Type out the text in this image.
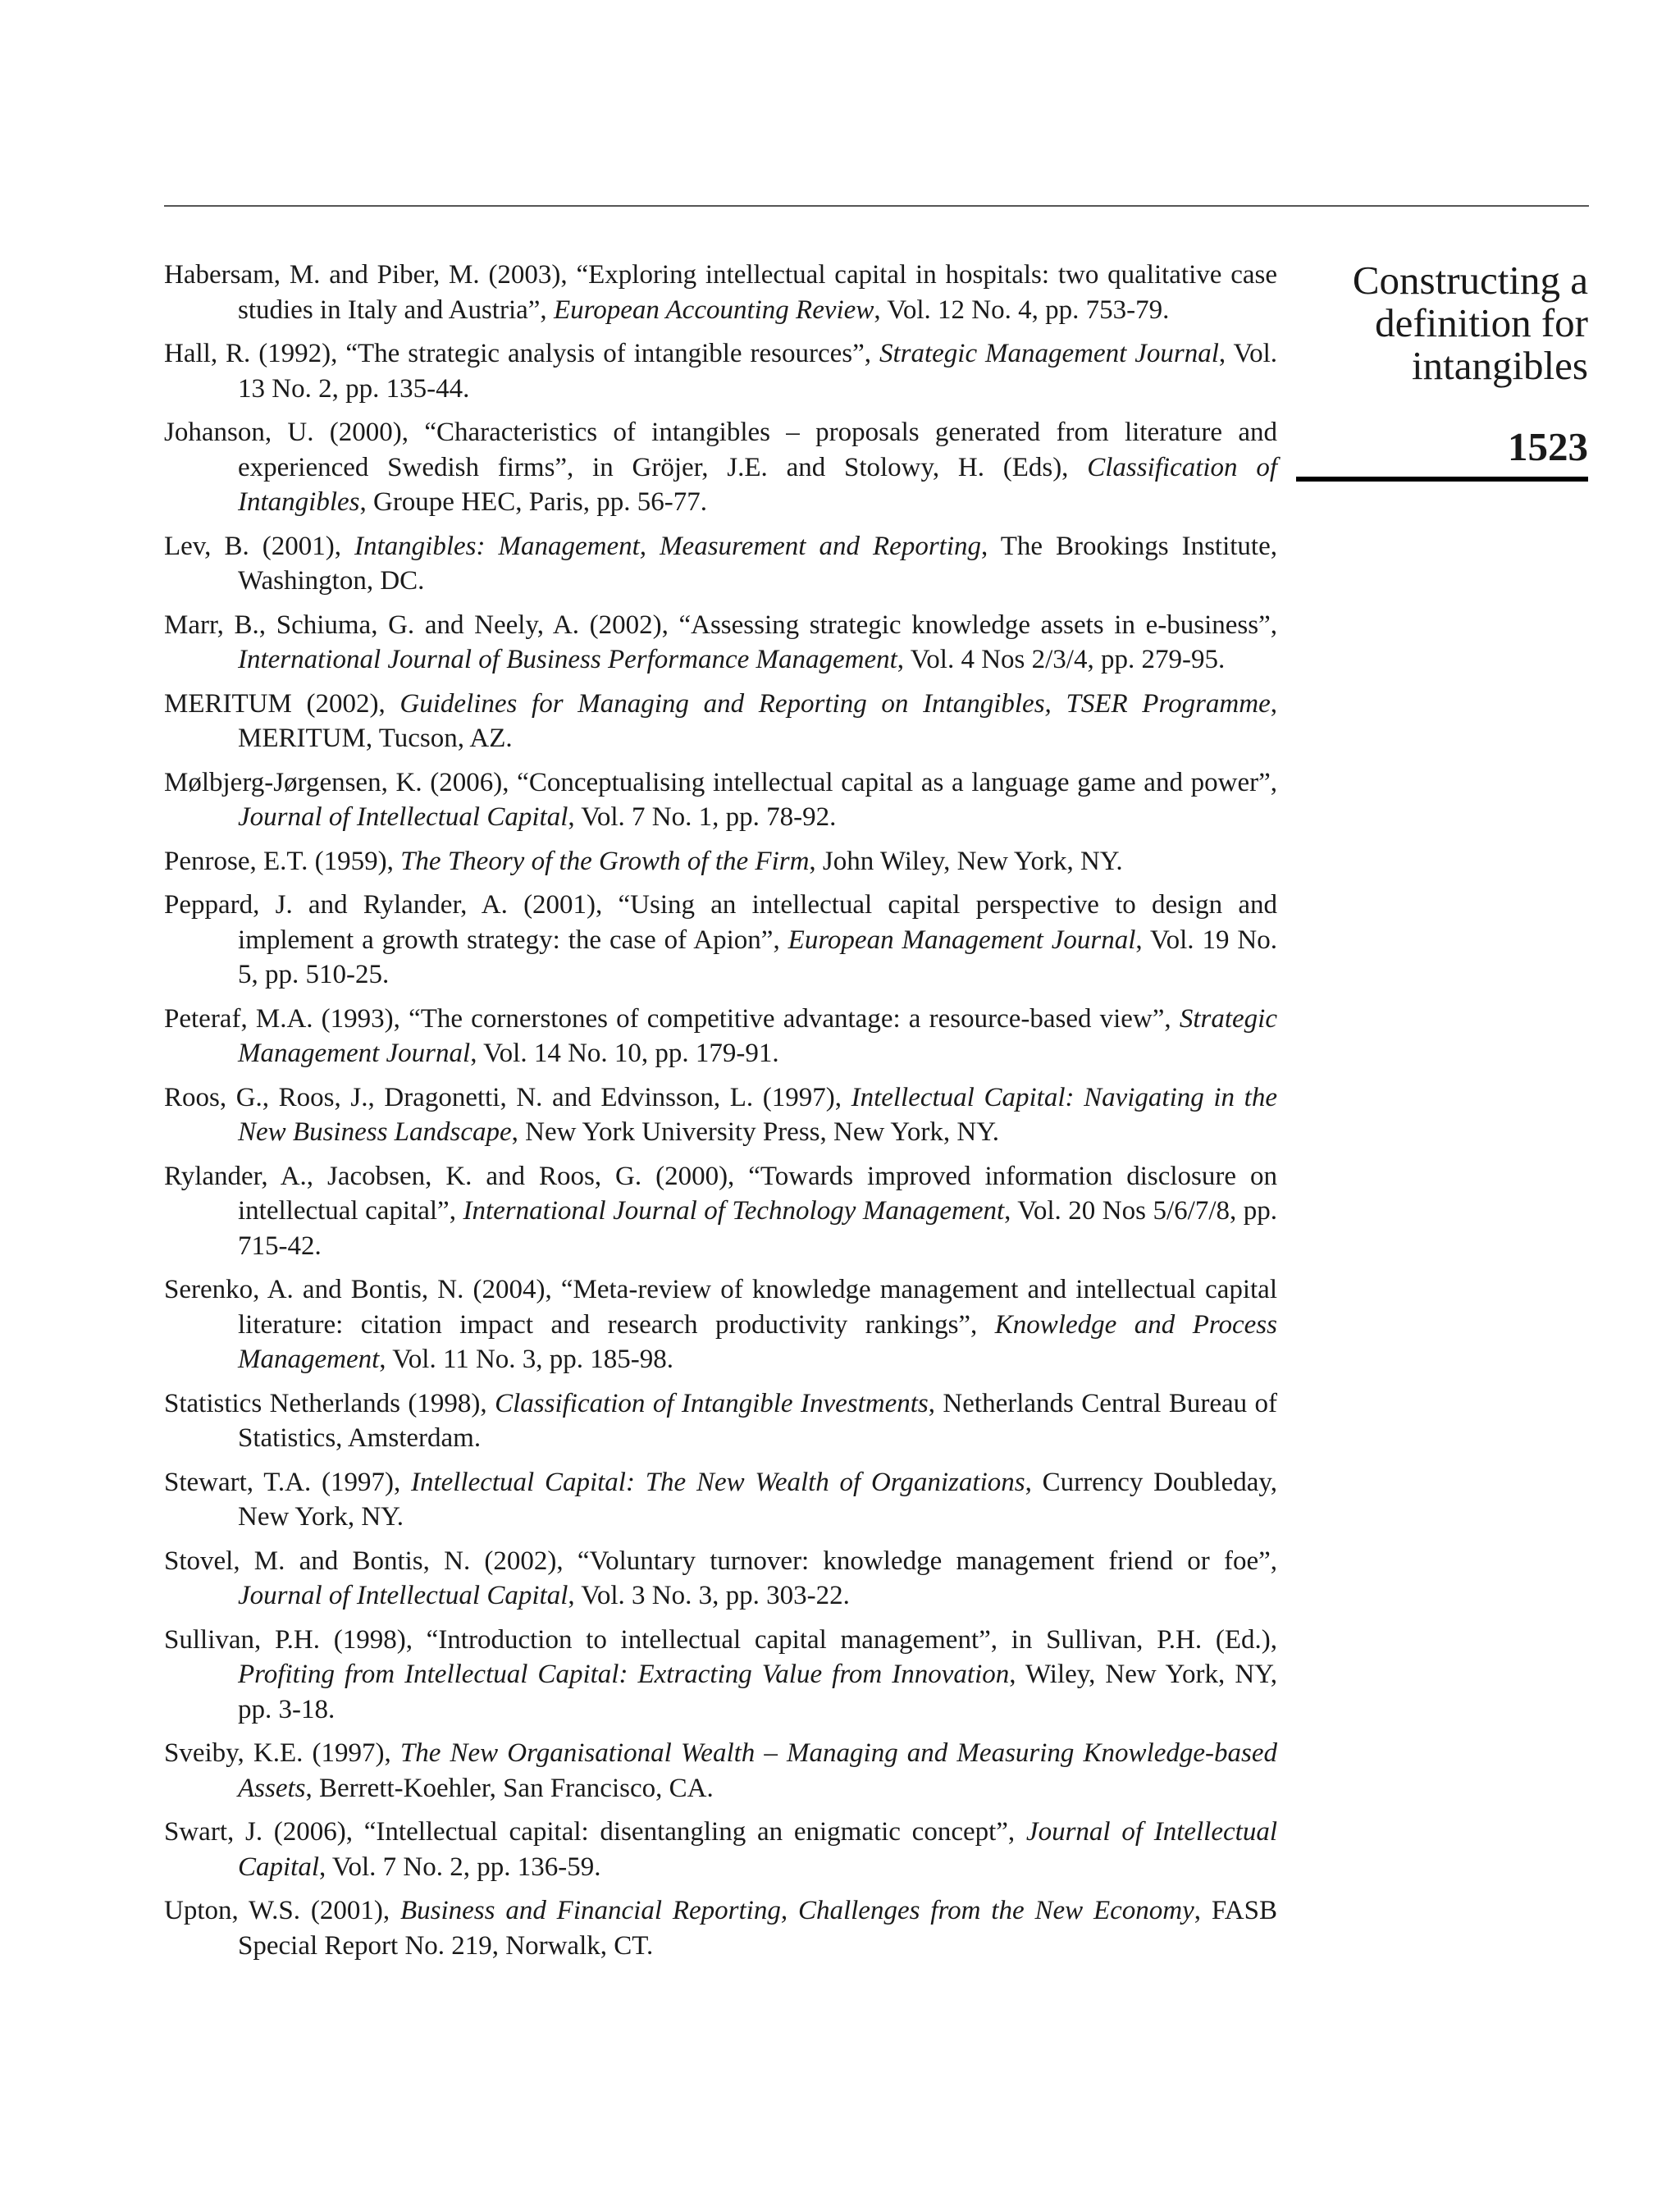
Habersam, M. and Piber, M. (2003), “Exploring intellectual capital in hospitals: two qualitative case studies in Italy and Austria”, European Accounting Review, Vol. 12 No. 4, pp. 753-79.

Hall, R. (1992), “The strategic analysis of intangible resources”, Strategic Management Journal, Vol. 13 No. 2, pp. 135-44.

Johanson, U. (2000), “Characteristics of intangibles – proposals generated from literature and experienced Swedish firms”, in Gröjer, J.E. and Stolowy, H. (Eds), Classification of Intangibles, Groupe HEC, Paris, pp. 56-77.

Lev, B. (2001), Intangibles: Management, Measurement and Reporting, The Brookings Institute, Washington, DC.

Marr, B., Schiuma, G. and Neely, A. (2002), “Assessing strategic knowledge assets in e-business”, International Journal of Business Performance Management, Vol. 4 Nos 2/3/4, pp. 279-95.

MERITUM (2002), Guidelines for Managing and Reporting on Intangibles, TSER Programme, MERITUM, Tucson, AZ.

Mølbjerg-Jørgensen, K. (2006), “Conceptualising intellectual capital as a language game and power”, Journal of Intellectual Capital, Vol. 7 No. 1, pp. 78-92.

Penrose, E.T. (1959), The Theory of the Growth of the Firm, John Wiley, New York, NY.

Peppard, J. and Rylander, A. (2001), “Using an intellectual capital perspective to design and implement a growth strategy: the case of Apion”, European Management Journal, Vol. 19 No. 5, pp. 510-25.

Peteraf, M.A. (1993), “The cornerstones of competitive advantage: a resource-based view”, Strategic Management Journal, Vol. 14 No. 10, pp. 179-91.

Roos, G., Roos, J., Dragonetti, N. and Edvinsson, L. (1997), Intellectual Capital: Navigating in the New Business Landscape, New York University Press, New York, NY.

Rylander, A., Jacobsen, K. and Roos, G. (2000), “Towards improved information disclosure on intellectual capital”, International Journal of Technology Management, Vol. 20 Nos 5/6/7/8, pp. 715-42.

Serenko, A. and Bontis, N. (2004), “Meta-review of knowledge management and intellectual capital literature: citation impact and research productivity rankings”, Knowledge and Process Management, Vol. 11 No. 3, pp. 185-98.

Statistics Netherlands (1998), Classification of Intangible Investments, Netherlands Central Bureau of Statistics, Amsterdam.

Stewart, T.A. (1997), Intellectual Capital: The New Wealth of Organizations, Currency Doubleday, New York, NY.

Stovel, M. and Bontis, N. (2002), “Voluntary turnover: knowledge management friend or foe”, Journal of Intellectual Capital, Vol. 3 No. 3, pp. 303-22.

Sullivan, P.H. (1998), “Introduction to intellectual capital management”, in Sullivan, P.H. (Ed.), Profiting from Intellectual Capital: Extracting Value from Innovation, Wiley, New York, NY, pp. 3-18.

Sveiby, K.E. (1997), The New Organisational Wealth – Managing and Measuring Knowledge-based Assets, Berrett-Koehler, San Francisco, CA.

Swart, J. (2006), “Intellectual capital: disentangling an enigmatic concept”, Journal of Intellectual Capital, Vol. 7 No. 2, pp. 136-59.

Upton, W.S. (2001), Business and Financial Reporting, Challenges from the New Economy, FASB Special Report No. 219, Norwalk, CT.

Constructing a
definition for
intangibles
1523
